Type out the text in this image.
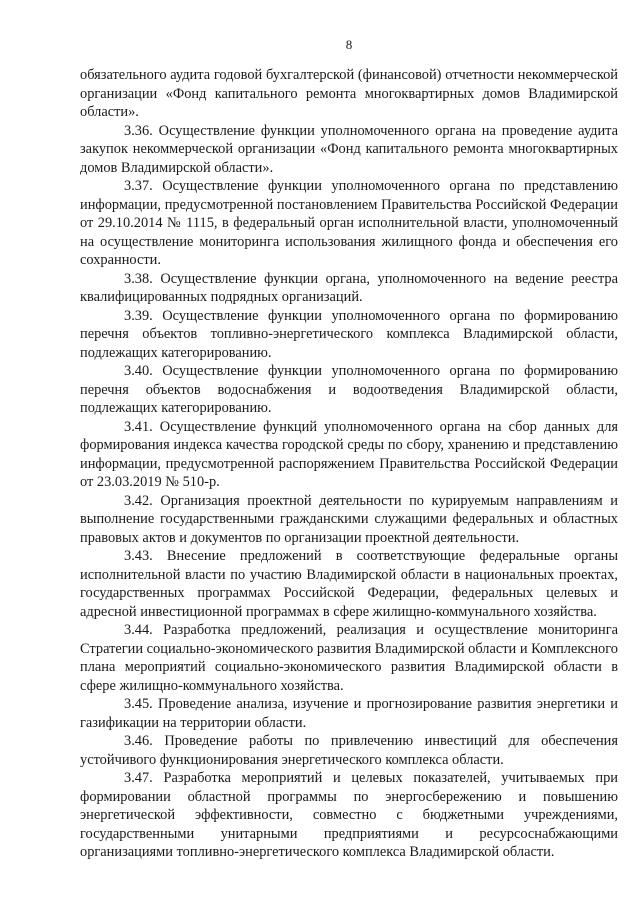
8

обязательного аудита годовой бухгалтерской (финансовой) отчетности некоммерческой организации «Фонд капитального ремонта многоквартирных домов Владимирской области».

3.36. Осуществление функции уполномоченного органа на проведение аудита закупок некоммерческой организации «Фонд капитального ремонта многоквартирных домов Владимирской области».

3.37. Осуществление функции уполномоченного органа по представлению информации, предусмотренной постановлением Правительства Российской Федерации от 29.10.2014 № 1115, в федеральный орган исполнительной власти, уполномоченный на осуществление мониторинга использования жилищного фонда и обеспечения его сохранности.

3.38. Осуществление функции органа, уполномоченного на ведение реестра квалифицированных подрядных организаций.

3.39. Осуществление функции уполномоченного органа по формированию перечня объектов топливно-энергетического комплекса Владимирской области, подлежащих категорированию.

3.40. Осуществление функции уполномоченного органа по формированию перечня объектов водоснабжения и водоотведения Владимирской области, подлежащих категорированию.

3.41. Осуществление функций уполномоченного органа на сбор данных для формирования индекса качества городской среды по сбору, хранению и представлению информации, предусмотренной распоряжением Правительства Российской Федерации от 23.03.2019 № 510-р.

3.42. Организация проектной деятельности по курируемым направлениям и выполнение государственными гражданскими служащими федеральных и областных правовых актов и документов по организации проектной деятельности.

3.43. Внесение предложений в соответствующие федеральные органы исполнительной власти по участию Владимирской области в национальных проектах, государственных программах Российской Федерации, федеральных целевых и адресной инвестиционной программах в сфере жилищно-коммунального хозяйства.

3.44. Разработка предложений, реализация и осуществление мониторинга Стратегии социально-экономического развития Владимирской области и Комплексного плана мероприятий социально-экономического развития Владимирской области в сфере жилищно-коммунального хозяйства.

3.45. Проведение анализа, изучение и прогнозирование развития энергетики и газификации на территории области.

3.46. Проведение работы по привлечению инвестиций для обеспечения устойчивого функционирования энергетического комплекса области.

3.47. Разработка мероприятий и целевых показателей, учитываемых при формировании областной программы по энергосбережению и повышению энергетической эффективности, совместно с бюджетными учреждениями, государственными унитарными предприятиями и ресурсоснабжающими организациями топливно-энергетического комплекса Владимирской области.
